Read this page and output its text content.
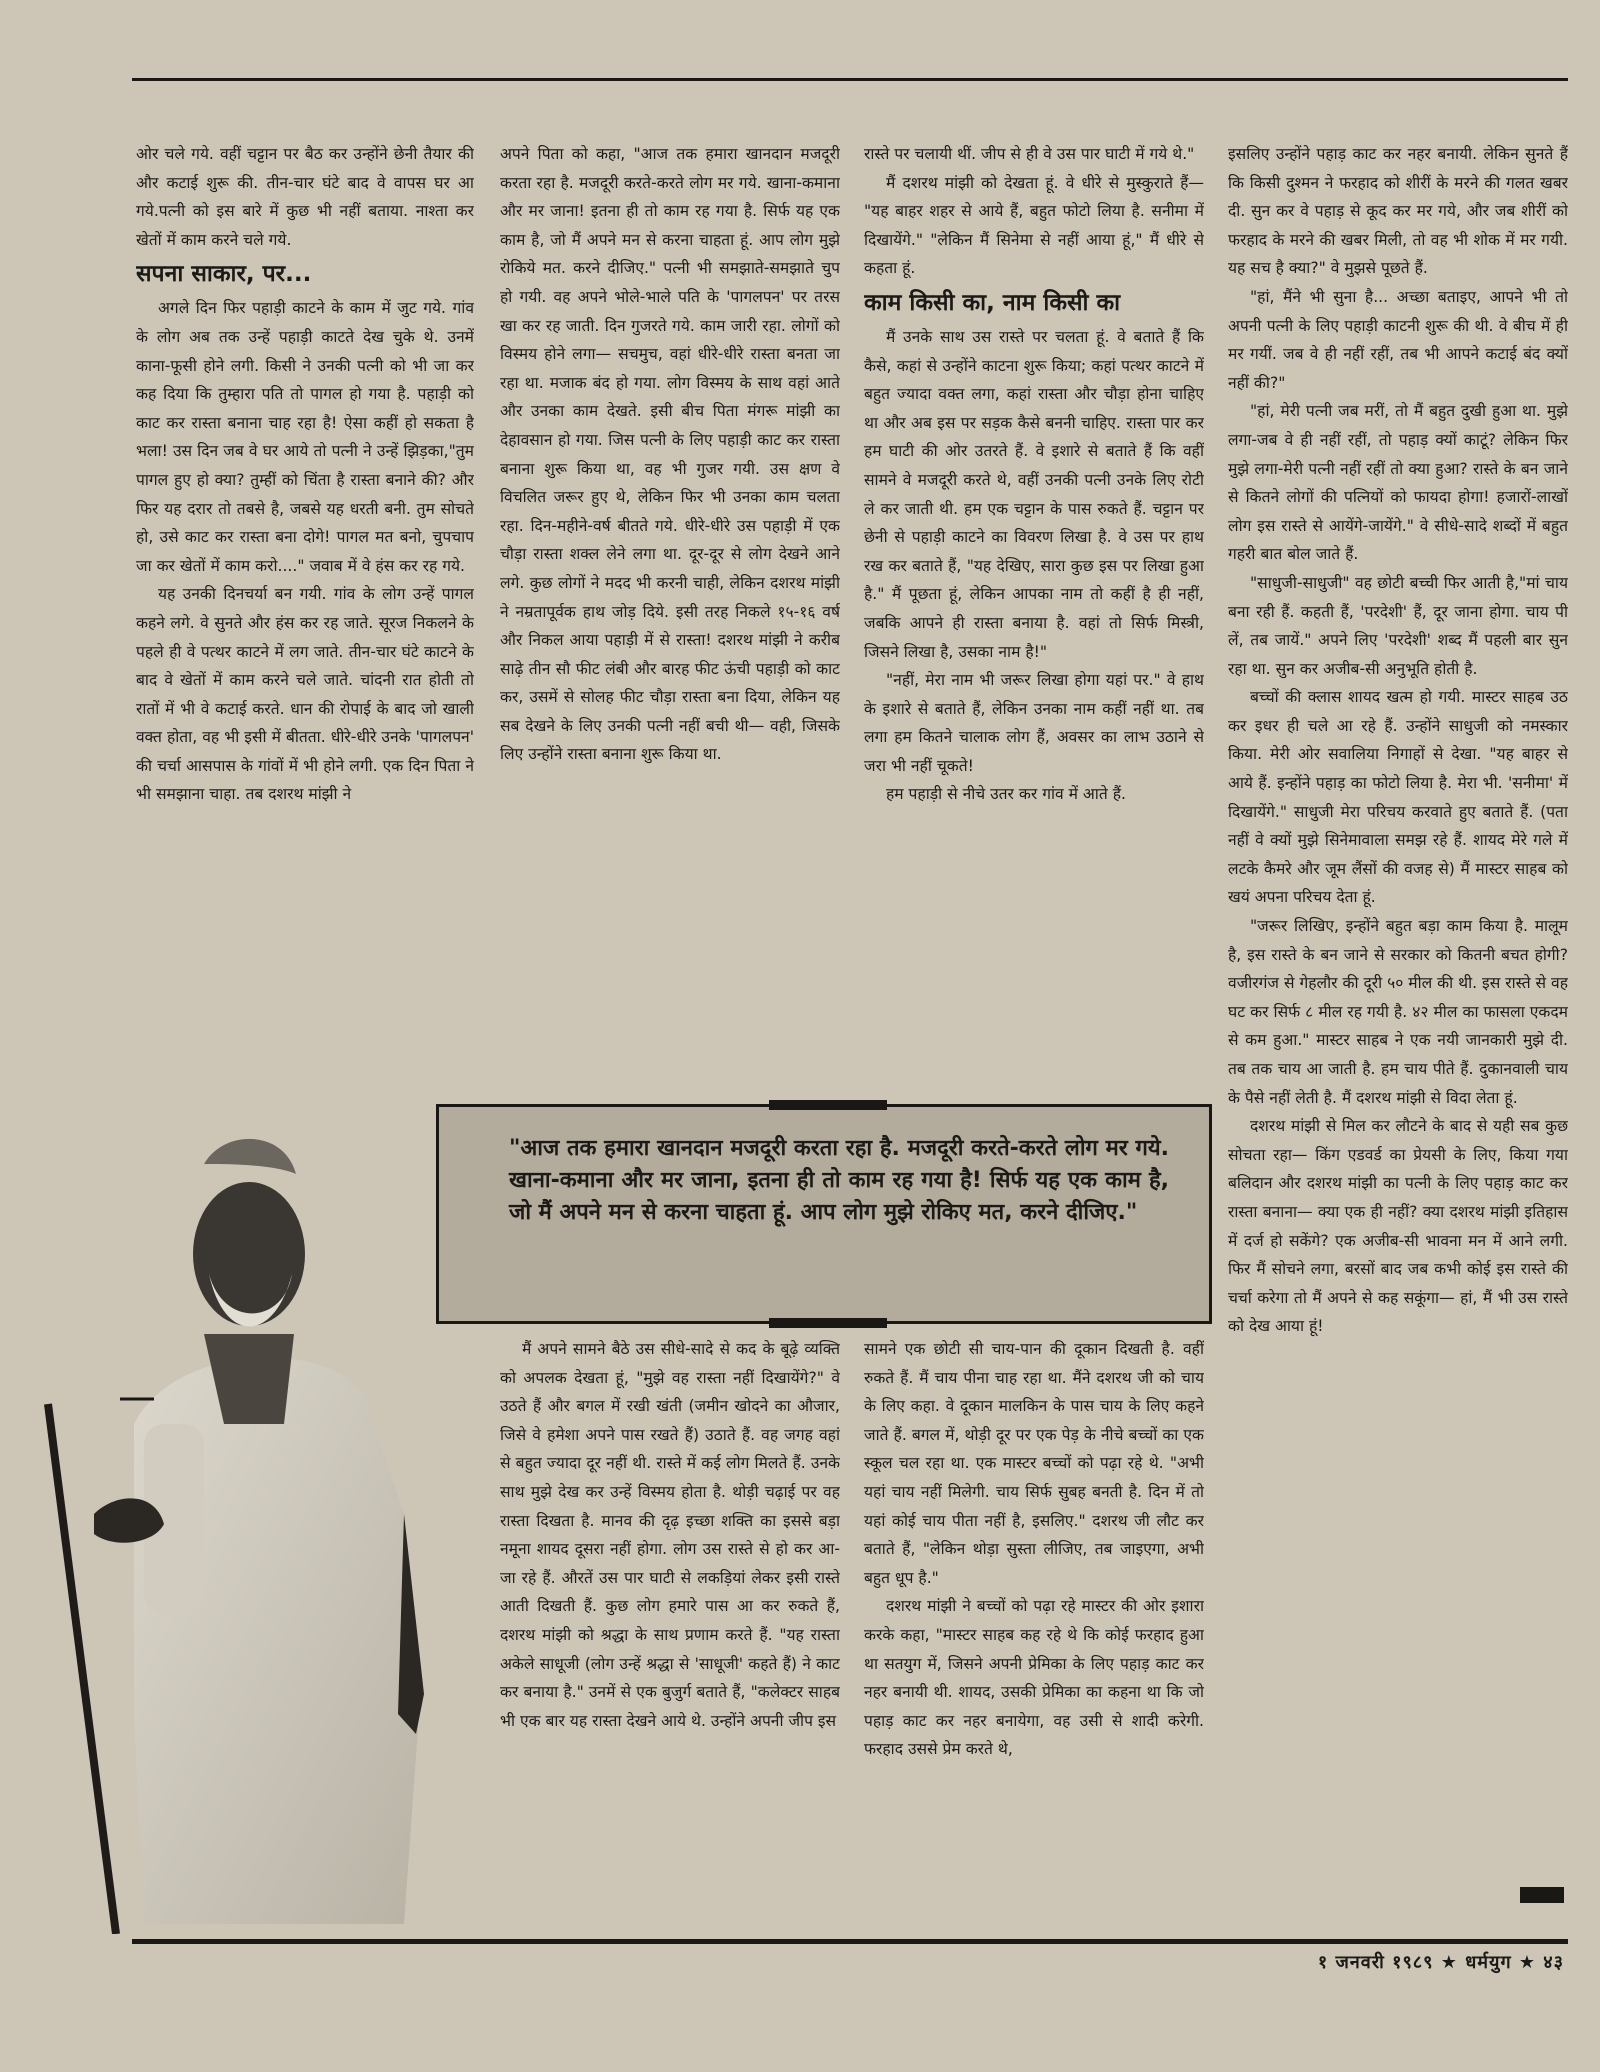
ओर चले गये. वहीं चट्टान पर बैठ कर उन्होंने छेनी तैयार की और कटाई शुरू की. तीन-चार घंटे बाद वे वापस घर आ गये.पत्नी को इस बारे में कुछ भी नहीं बताया. नाश्ता कर खेतों में काम करने चले गये.

सपना साकार, पर...

अगले दिन फिर पहाड़ी काटने के काम में जुट गये. गांव के लोग अब तक उन्हें पहाड़ी काटते देख चुके थे. उनमें काना-फूसी होने लगी. किसी ने उनकी पत्नी को भी जा कर कह दिया कि तुम्हारा पति तो पागल हो गया है. पहाड़ी को काट कर रास्ता बनाना चाह रहा है! ऐसा कहीं हो सकता है भला! उस दिन जब वे घर आये तो पत्नी ने उन्हें झिड़का,"तुम पागल हुए हो क्या? तुम्हीं को चिंता है रास्ता बनाने की? और फिर यह दरार तो तबसे है, जबसे यह धरती बनी. तुम सोचते हो, उसे काट कर रास्ता बना दोगे! पागल मत बनो, चुपचाप जा कर खेतों में काम करो...." जवाब में वे हंस कर रह गये.

यह उनकी दिनचर्या बन गयी. गांव के लोग उन्हें पागल कहने लगे. वे सुनते और हंस कर रह जाते. सूरज निकलने के पहले ही वे पत्थर काटने में लग जाते. तीन-चार घंटे काटने के बाद वे खेतों में काम करने चले जाते. चांदनी रात होती तो रातों में भी वे कटाई करते. धान की रोपाई के बाद जो खाली वक्त होता, वह भी इसी में बीतता. धीरे-धीरे उनके 'पागलपन' की चर्चा आसपास के गांवों में भी होने लगी. एक दिन पिता ने भी समझाना चाहा. तब दशरथ मांझी ने

अपने पिता को कहा, "आज तक हमारा खानदान मजदूरी करता रहा है. मजदूरी करते-करते लोग मर गये. खाना-कमाना और मर जाना! इतना ही तो काम रह गया है. सिर्फ यह एक काम है, जो मैं अपने मन से करना चाहता हूं. आप लोग मुझे रोकिये मत. करने दीजिए." पत्नी भी समझाते-समझाते चुप हो गयी. वह अपने भोले-भाले पति के 'पागलपन' पर तरस खा कर रह जाती. दिन गुजरते गये. काम जारी रहा. लोगों को विस्मय होने लगा— सचमुच, वहां धीरे-धीरे रास्ता बनता जा रहा था. मजाक बंद हो गया. लोग विस्मय के साथ वहां आते और उनका काम देखते. इसी बीच पिता मंगरू मांझी का देहावसान हो गया. जिस पत्नी के लिए पहाड़ी काट कर रास्ता बनाना शुरू किया था, वह भी गुजर गयी. उस क्षण वे विचलित जरूर हुए थे, लेकिन फिर भी उनका काम चलता रहा. दिन-महीने-वर्ष बीतते गये. धीरे-धीरे उस पहाड़ी में एक चौड़ा रास्ता शक्ल लेने लगा था. दूर-दूर से लोग देखने आने लगे. कुछ लोगों ने मदद भी करनी चाही, लेकिन दशरथ मांझी ने नम्रतापूर्वक हाथ जोड़ दिये. इसी तरह निकले १५-१६ वर्ष और निकल आया पहाड़ी में से रास्ता! दशरथ मांझी ने करीब साढ़े तीन सौ फीट लंबी और बारह फीट ऊंची पहाड़ी को काट कर, उसमें से सोलह फीट चौड़ा रास्ता बना दिया, लेकिन यह सब देखने के लिए उनकी पत्नी नहीं बची थी— वही, जिसके लिए उन्होंने रास्ता बनाना शुरू किया था.

रास्ते पर चलायी थीं. जीप से ही वे उस पार घाटी में गये थे."

मैं दशरथ मांझी को देखता हूं. वे धीरे से मुस्कुराते हैं— "यह बाहर शहर से आये हैं, बहुत फोटो लिया है. सनीमा में दिखायेंगे." "लेकिन मैं सिनेमा से नहीं आया हूं," मैं धीरे से कहता हूं.

काम किसी का, नाम किसी का

मैं उनके साथ उस रास्ते पर चलता हूं. वे बताते हैं कि कैसे, कहां से उन्होंने काटना शुरू किया; कहां पत्थर काटने में बहुत ज्यादा वक्त लगा, कहां रास्ता और चौड़ा होना चाहिए था और अब इस पर सड़क कैसे बननी चाहिए. रास्ता पार कर हम घाटी की ओर उतरते हैं. वे इशारे से बताते हैं कि वहीं सामने वे मजदूरी करते थे, वहीं उनकी पत्नी उनके लिए रोटी ले कर जाती थी. हम एक चट्टान के पास रुकते हैं. चट्टान पर छेनी से पहाड़ी काटने का विवरण लिखा है. वे उस पर हाथ रख कर बताते हैं, "यह देखिए, सारा कुछ इस पर लिखा हुआ है." मैं पूछता हूं, लेकिन आपका नाम तो कहीं है ही नहीं, जबकि आपने ही रास्ता बनाया है. वहां तो सिर्फ मिस्त्री, जिसने लिखा है, उसका नाम है!"

"नहीं, मेरा नाम भी जरूर लिखा होगा यहां पर." वे हाथ के इशारे से बताते हैं, लेकिन उनका नाम कहीं नहीं था. तब लगा हम कितने चालाक लोग हैं, अवसर का लाभ उठाने से जरा भी नहीं चूकते!

हम पहाड़ी से नीचे उतर कर गांव में आते हैं.

इसलिए उन्होंने पहाड़ काट कर नहर बनायी. लेकिन सुनते हैं कि किसी दुश्मन ने फरहाद को शीरीं के मरने की गलत खबर दी. सुन कर वे पहाड़ से कूद कर मर गये, और जब शीरीं को फरहाद के मरने की खबर मिली, तो वह भी शोक में मर गयी. यह सच है क्या?" वे मुझसे पूछते हैं.

"हां, मैंने भी सुना है... अच्छा बताइए, आपने भी तो अपनी पत्नी के लिए पहाड़ी काटनी शुरू की थी. वे बीच में ही मर गयीं. जब वे ही नहीं रहीं, तब भी आपने कटाई बंद क्यों नहीं की?"

"हां, मेरी पत्नी जब मरीं, तो मैं बहुत दुखी हुआ था. मुझे लगा-जब वे ही नहीं रहीं, तो पहाड़ क्यों काटूं? लेकिन फिर मुझे लगा-मेरी पत्नी नहीं रहीं तो क्या हुआ? रास्ते के बन जाने से कितने लोगों की पत्नियों को फायदा होगा! हजारों-लाखों लोग इस रास्ते से आयेंगे-जायेंगे." वे सीधे-सादे शब्दों में बहुत गहरी बात बोल जाते हैं.

"साधुजी-साधुजी" वह छोटी बच्ची फिर आती है,"मां चाय बना रही हैं. कहती हैं, 'परदेशी' हैं, दूर जाना होगा. चाय पी लें, तब जायें." अपने लिए 'परदेशी' शब्द मैं पहली बार सुन रहा था. सुन कर अजीब-सी अनुभूति होती है.

बच्चों की क्लास शायद खत्म हो गयी. मास्टर साहब उठ कर इधर ही चले आ रहे हैं. उन्होंने साधुजी को नमस्कार किया. मेरी ओर सवालिया निगाहों से देखा. "यह बाहर से आये हैं. इन्होंने पहाड़ का फोटो लिया है. मेरा भी. 'सनीमा' में दिखायेंगे." साधुजी मेरा परिचय करवाते हुए बताते हैं. (पता नहीं वे क्यों मुझे सिनेमावाला समझ रहे हैं. शायद मेरे गले में लटके कैमरे और जूम लैंसों की वजह से) मैं मास्टर साहब को खयं अपना परिचय देता हूं.

"जरूर लिखिए, इन्होंने बहुत बड़ा काम किया है. मालूम है, इस रास्ते के बन जाने से सरकार को कितनी बचत होगी? वजीरगंज से गेहलौर की दूरी ५० मील की थी. इस रास्ते से वह घट कर सिर्फ ८ मील रह गयी है. ४२ मील का फासला एकदम से कम हुआ." मास्टर साहब ने एक नयी जानकारी मुझे दी. तब तक चाय आ जाती है. हम चाय पीते हैं. दुकानवाली चाय के पैसे नहीं लेती है. मैं दशरथ मांझी से विदा लेता हूं.

दशरथ मांझी से मिल कर लौटने के बाद से यही सब कुछ सोचता रहा— किंग एडवर्ड का प्रेयसी के लिए, किया गया बलिदान और दशरथ मांझी का पत्नी के लिए पहाड़ काट कर रास्ता बनाना— क्या एक ही नहीं? क्या दशरथ मांझी इतिहास में दर्ज हो सकेंगे? एक अजीब-सी भावना मन में आने लगी. फिर मैं सोचने लगा, बरसों बाद जब कभी कोई इस रास्ते की चर्चा करेगा तो मैं अपने से कह सकूंगा— हां, मैं भी उस रास्ते को देख आया हूं!

"आज तक हमारा खानदान मजदूरी करता रहा है. मजदूरी करते-करते लोग मर गये. खाना-कमाना और मर जाना, इतना ही तो काम रह गया है! सिर्फ यह एक काम है, जो मैं अपने मन से करना चाहता हूं. आप लोग मुझे रोकिए मत, करने दीजिए."

मैं अपने सामने बैठे उस सीधे-सादे से कद के बूढ़े व्यक्ति को अपलक देखता हूं, "मुझे वह रास्ता नहीं दिखायेंगे?" वे उठते हैं और बगल में रखी खंती (जमीन खोदने का औजार, जिसे वे हमेशा अपने पास रखते हैं) उठाते हैं. वह जगह वहां से बहुत ज्यादा दूर नहीं थी. रास्ते में कई लोग मिलते हैं. उनके साथ मुझे देख कर उन्हें विस्मय होता है. थोड़ी चढ़ाई पर वह रास्ता दिखता है. मानव की दृढ़ इच्छा शक्ति का इससे बड़ा नमूना शायद दूसरा नहीं होगा. लोग उस रास्ते से हो कर आ-जा रहे हैं. औरतें उस पार घाटी से लकड़ियां लेकर इसी रास्ते आती दिखती हैं. कुछ लोग हमारे पास आ कर रुकते हैं, दशरथ मांझी को श्रद्धा के साथ प्रणाम करते हैं. "यह रास्ता अकेले साधूजी (लोग उन्हें श्रद्धा से 'साधूजी' कहते हैं) ने काट कर बनाया है." उनमें से एक बुजुर्ग बताते हैं, "कलेक्टर साहब भी एक बार यह रास्ता देखने आये थे. उन्होंने अपनी जीप इस

सामने एक छोटी सी चाय-पान की दूकान दिखती है. वहीं रुकते हैं. मैं चाय पीना चाह रहा था. मैंने दशरथ जी को चाय के लिए कहा. वे दूकान मालकिन के पास चाय के लिए कहने जाते हैं. बगल में, थोड़ी दूर पर एक पेड़ के नीचे बच्चों का एक स्कूल चल रहा था. एक मास्टर बच्चों को पढ़ा रहे थे. "अभी यहां चाय नहीं मिलेगी. चाय सिर्फ सुबह बनती है. दिन में तो यहां कोई चाय पीता नहीं है, इसलिए." दशरथ जी लौट कर बताते हैं, "लेकिन थोड़ा सुस्ता लीजिए, तब जाइएगा, अभी बहुत धूप है."

दशरथ मांझी ने बच्चों को पढ़ा रहे मास्टर की ओर इशारा करके कहा, "मास्टर साहब कह रहे थे कि कोई फरहाद हुआ था सतयुग में, जिसने अपनी प्रेमिका के लिए पहाड़ काट कर नहर बनायी थी. शायद, उसकी प्रेमिका का कहना था कि जो पहाड़ काट कर नहर बनायेगा, वह उसी से शादी करेगी. फरहाद उससे प्रेम करते थे,

१ जनवरी १९८९ ★ धर्मयुग ★ ४३
